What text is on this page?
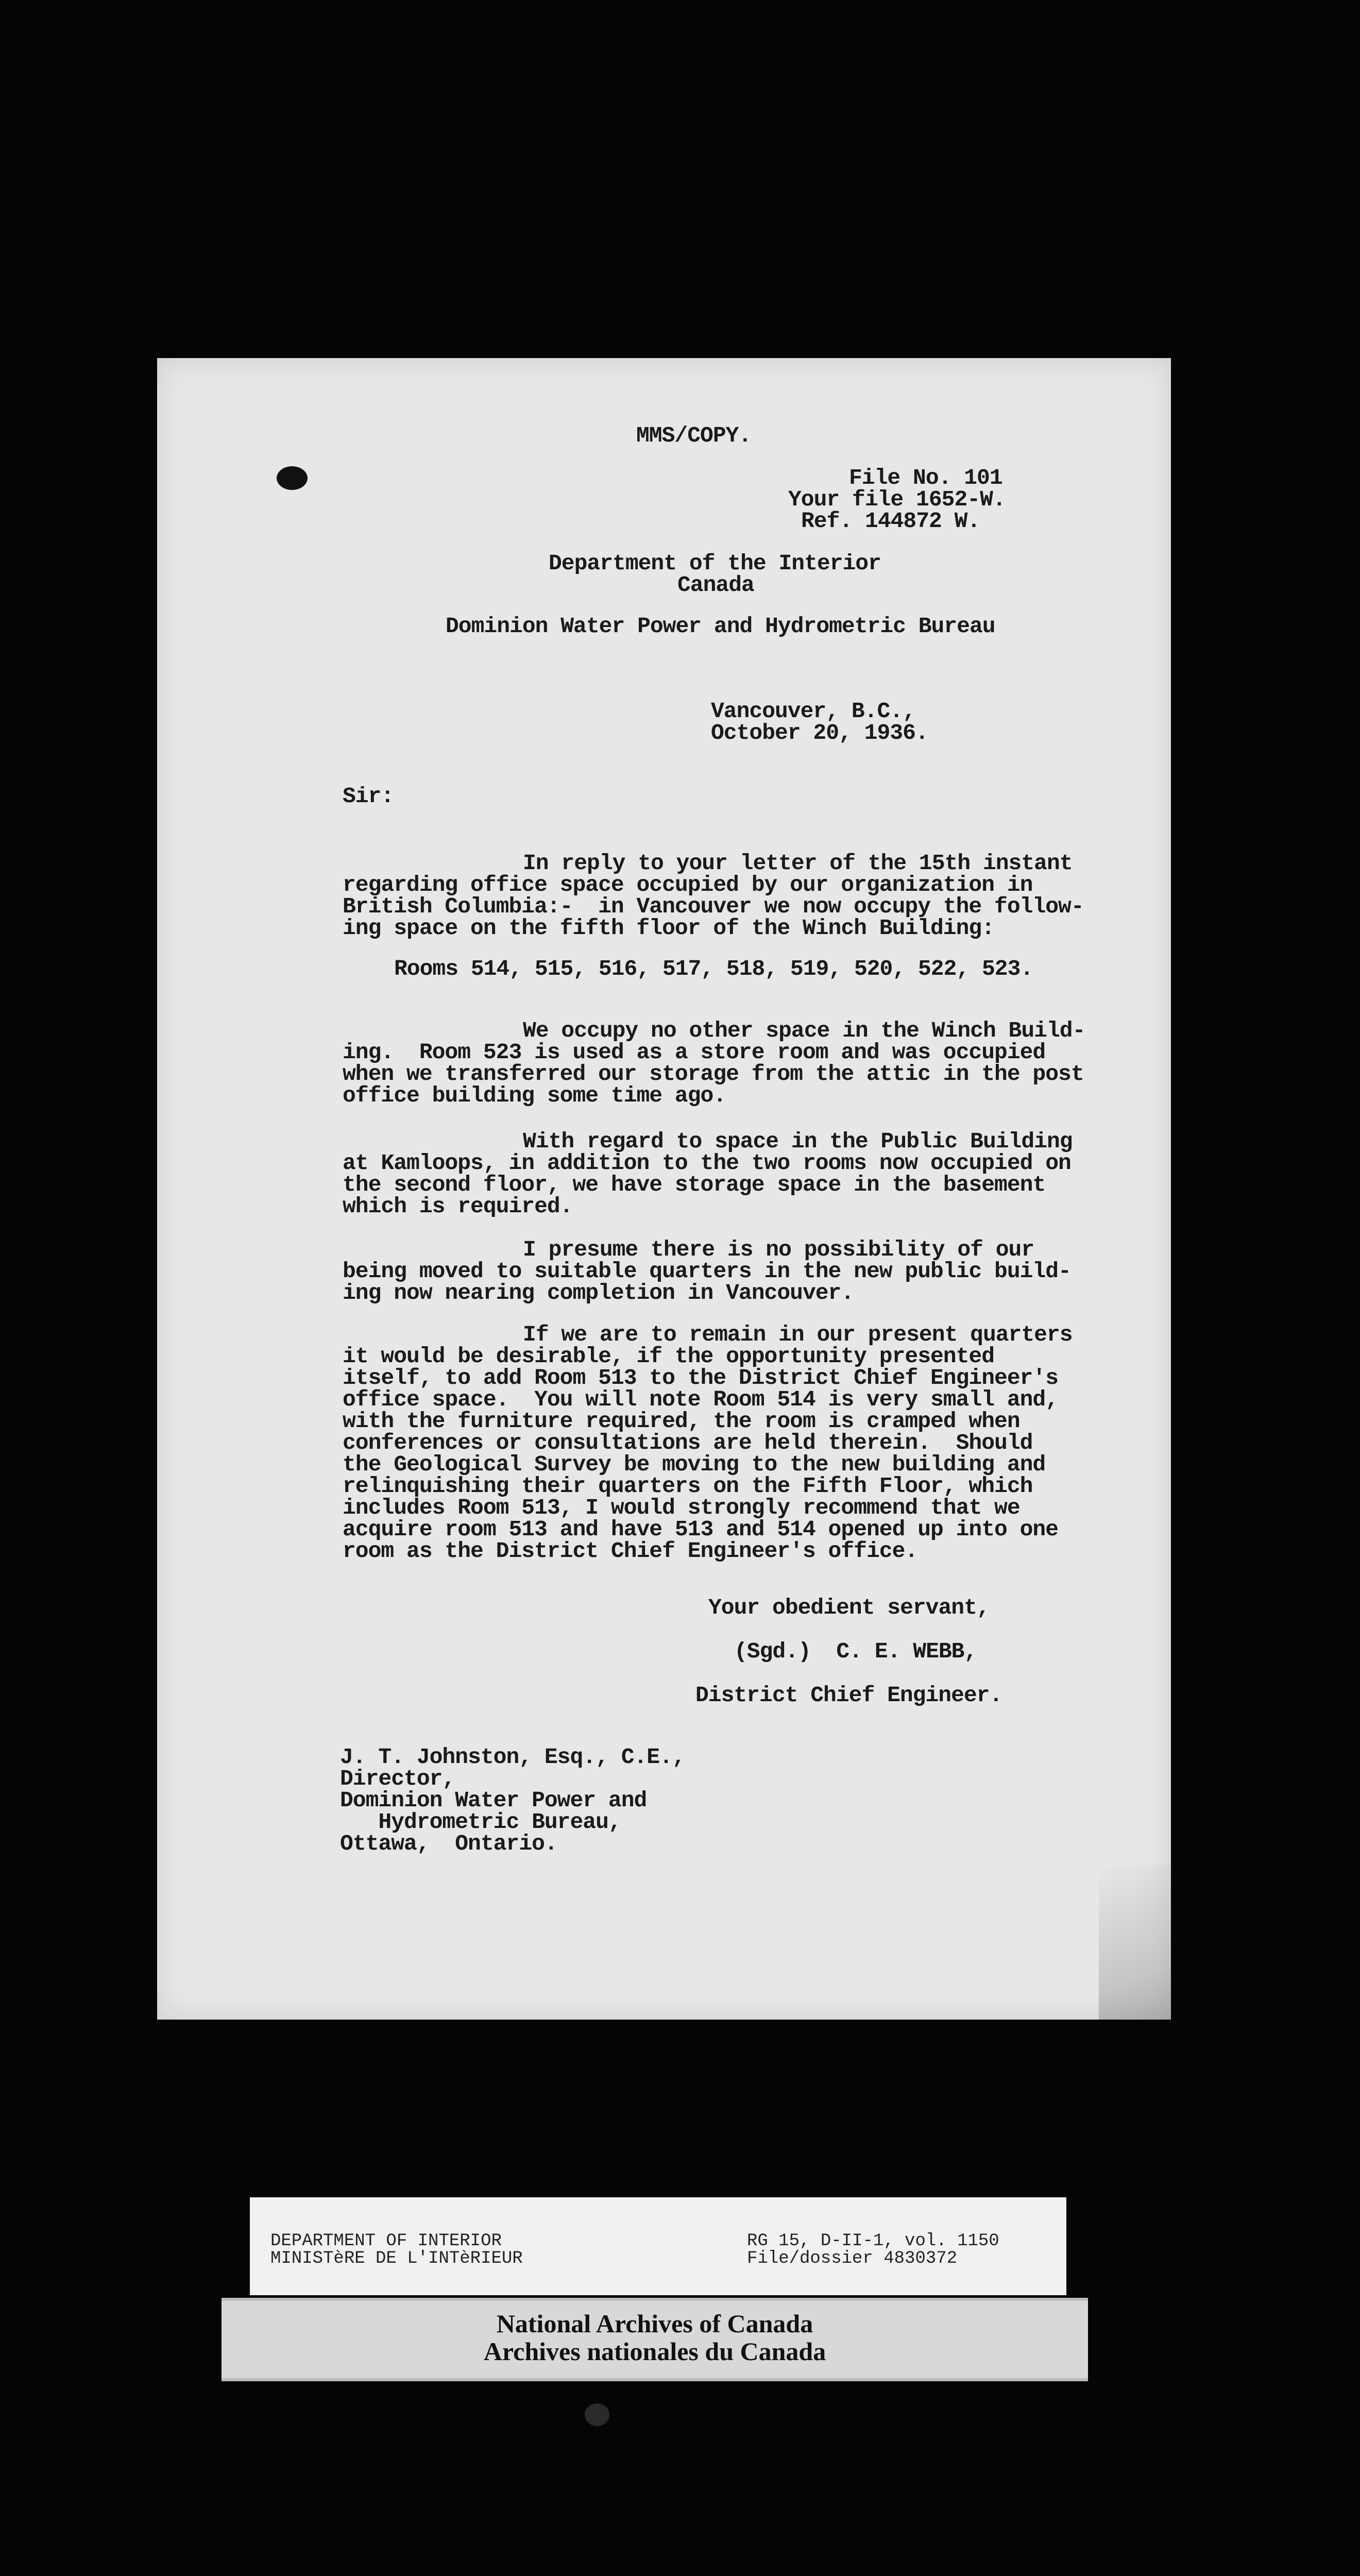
MMS/COPY.
File No. 101
Your file 1652-W.
Ref. 144872 W.
Department of the Interior
Canada
Dominion Water Power and Hydrometric Bureau
Vancouver, B.C.,
October 20, 1936.
Sir:
In reply to your letter of the 15th instant
regarding office space occupied by our organization in
British Columbia:-  in Vancouver we now occupy the follow-
ing space on the fifth floor of the Winch Building:
Rooms 514, 515, 516, 517, 518, 519, 520, 522, 523.
We occupy no other space in the Winch Build-
ing.  Room 523 is used as a store room and was occupied
when we transferred our storage from the attic in the post
office building some time ago.
With regard to space in the Public Building
at Kamloops, in addition to the two rooms now occupied on
the second floor, we have storage space in the basement
which is required.
I presume there is no possibility of our
being moved to suitable quarters in the new public build-
ing now nearing completion in Vancouver.
If we are to remain in our present quarters
it would be desirable, if the opportunity presented
itself, to add Room 513 to the District Chief Engineer's
office space.  You will note Room 514 is very small and,
with the furniture required, the room is cramped when
conferences or consultations are held therein.  Should
the Geological Survey be moving to the new building and
relinquishing their quarters on the Fifth Floor, which
includes Room 513, I would strongly recommend that we
acquire room 513 and have 513 and 514 opened up into one
room as the District Chief Engineer's office.
Your obedient servant,
(Sgd.)  C. E. WEBB,
District Chief Engineer.
J. T. Johnston, Esq., C.E.,
Director,
Dominion Water Power and
Hydrometric Bureau,
Ottawa,  Ontario.
DEPARTMENT OF INTERIOR
MINISTèRE DE L'INTèRIEUR
RG 15, D-II-1, vol. 1150
File/dossier 4830372
National Archives of Canada
Archives nationales du Canada
